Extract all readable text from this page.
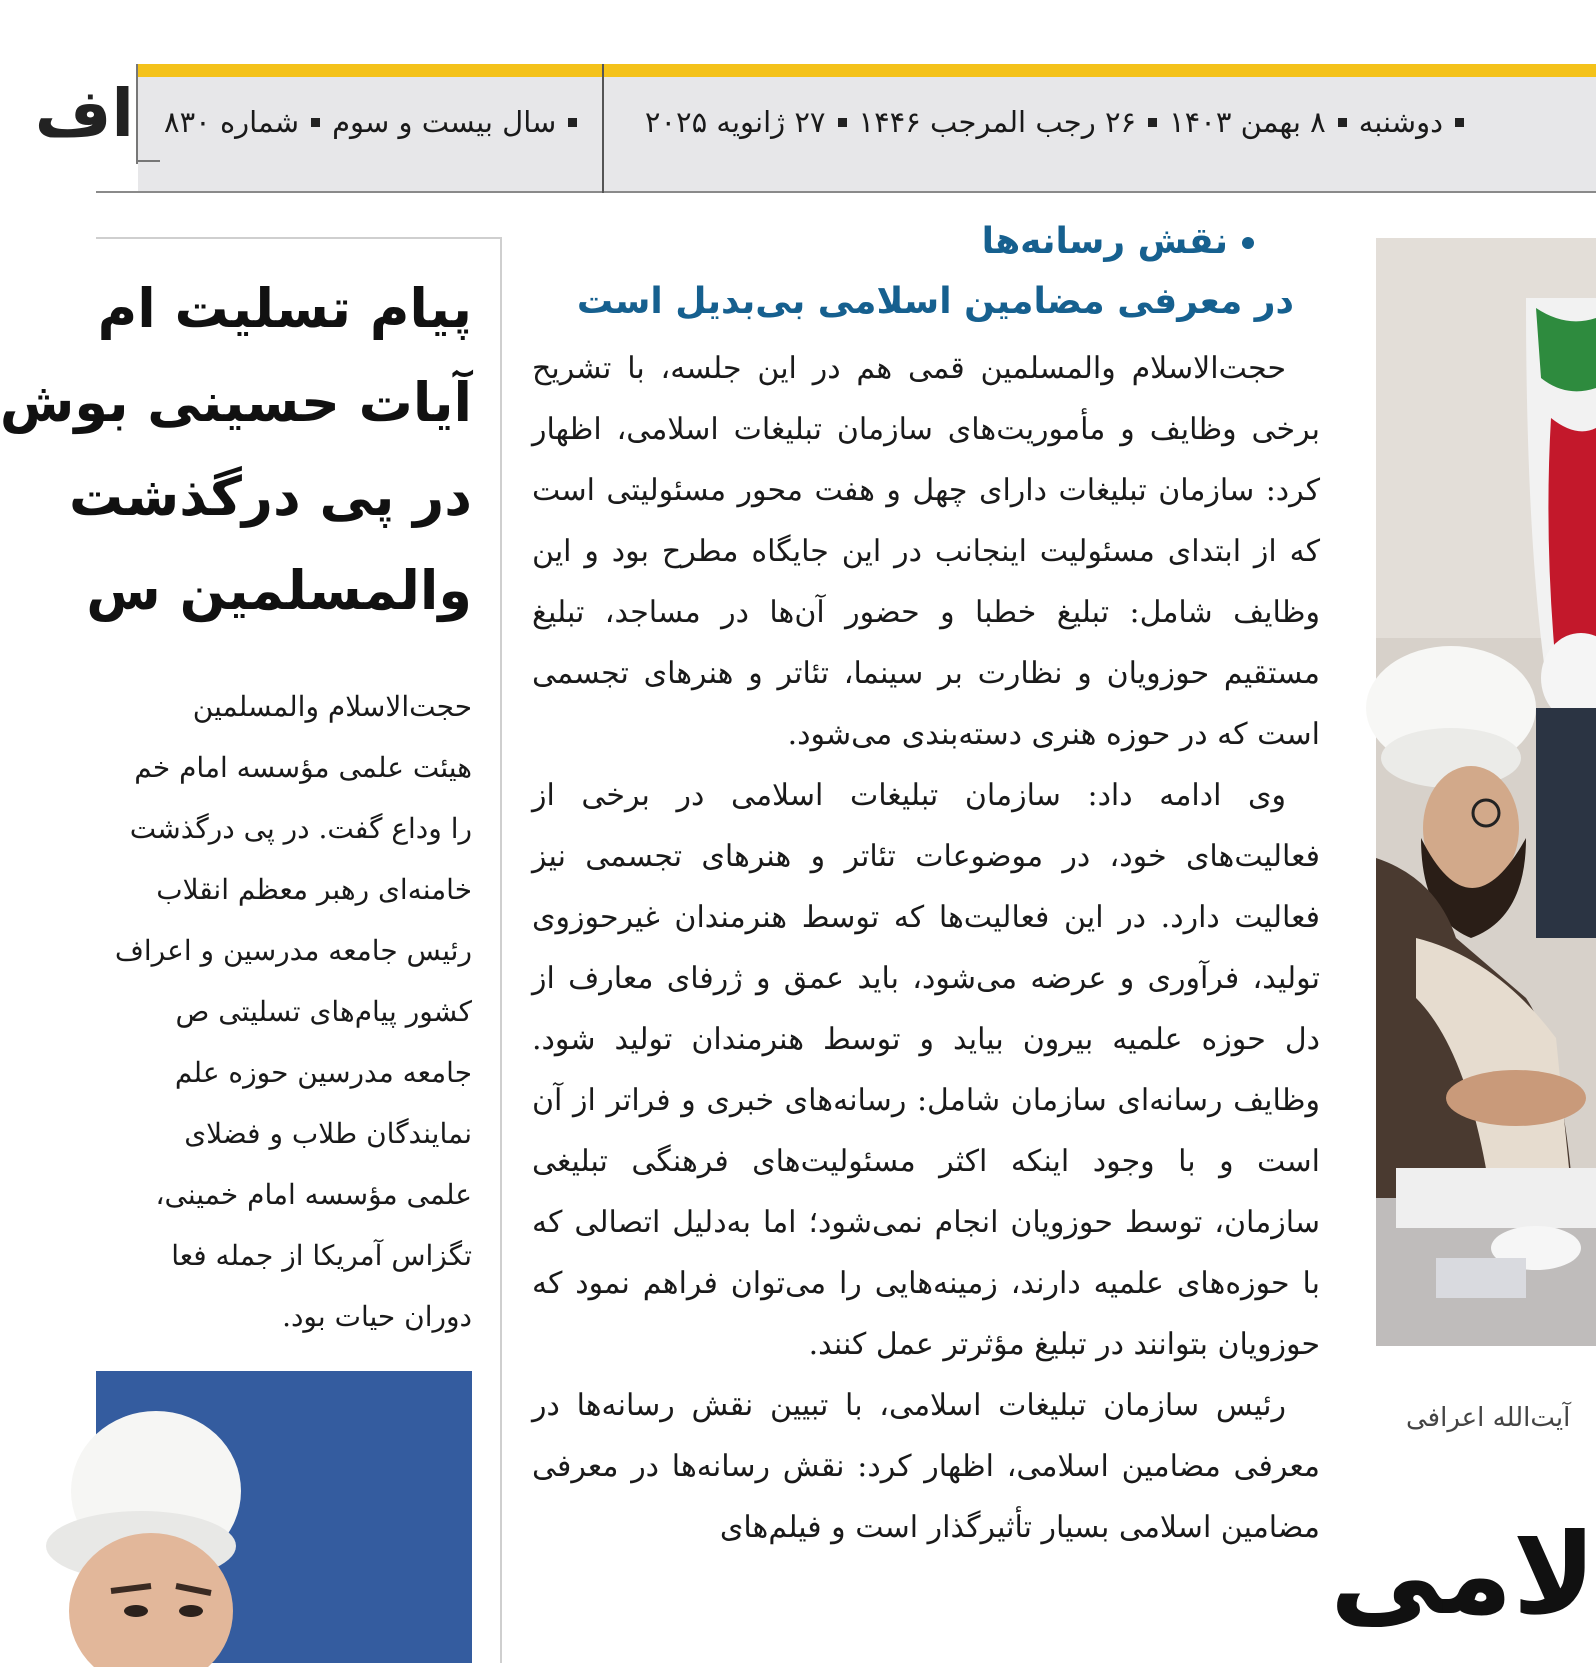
اف	دوشنبه
۸ بهمن ۱۴۰۳
۲۶ رجب المرجب ۱۴۴۶
۲۷ ژانویه ۲۰۲۵
سال بیست و سوم
شماره ۸۳۰
نقش رسانه‌ها
در معرفی مضامین اسلامی بی‌بدیل است

حجت‌الاسلام والمسلمین قمی هم در این جلسه، با تشریح برخی وظایف و مأموریت‌های سازمان تبلیغات اسلامی، اظهار کرد: سازمان تبلیغات دارای چهل و هفت محور مسئولیتی است که از ابتدای مسئولیت اینجانب در این جایگاه مطرح بود و این وظایف شامل: تبلیغ خطبا و حضور آن‌ها در مساجد، تبلیغ مستقیم حوزویان و نظارت بر سینما، تئاتر و هنرهای تجسمی است که در حوزه هنری دسته‌بندی می‌شود.

وی ادامه داد: سازمان تبلیغات اسلامی در برخی از فعالیت‌های خود، در موضوعات تئاتر و هنرهای تجسمی نیز فعالیت دارد. در این فعالیت‌ها که توسط هنرمندان غیرحوزوی تولید، فرآوری و عرضه می‌شود، باید عمق و ژرفای معارف از دل حوزه علمیه بیرون بیاید و توسط هنرمندان تولید شود. وظایف رسانه‌ای سازمان شامل: رسانه‌های خبری و فراتر از آن است و با وجود اینکه اکثر مسئولیت‌های فرهنگی تبلیغی سازمان، توسط حوزویان انجام نمی‌شود؛ اما به‌دلیل اتصالی که با حوزه‌های علمیه دارند، زمینه‌هایی را می‌توان فراهم نمود که حوزویان بتوانند در تبلیغ مؤثرتر عمل کنند.

رئیس سازمان تبلیغات اسلامی، با تبیین نقش رسانه‌ها در معرفی مضامین اسلامی، اظهار کرد: نقش رسانه‌ها در معرفی مضامین اسلامی بسیار تأثیرگذار است و فیلم‌های

آیت‌الله اعرافی
لامی
پیام تسلیت ام
آیات حسینی بوش
در پی درگذشت
والمسلمین س
حجت‌الاسلام والمسلمین
هیئت علمی مؤسسه امام خم
را وداع گفت. در پی درگذشت
خامنه‌ای رهبر معظم انقلاب
رئیس جامعه مدرسین و اعراف
کشور پیام‌های تسلیتی ص
جامعه مدرسین حوزه علم
نمایندگان طلاب و فضلای
علمی مؤسسه امام خمینی،
تگزاس آمریکا از جمله فعا
دوران حیات بود.
